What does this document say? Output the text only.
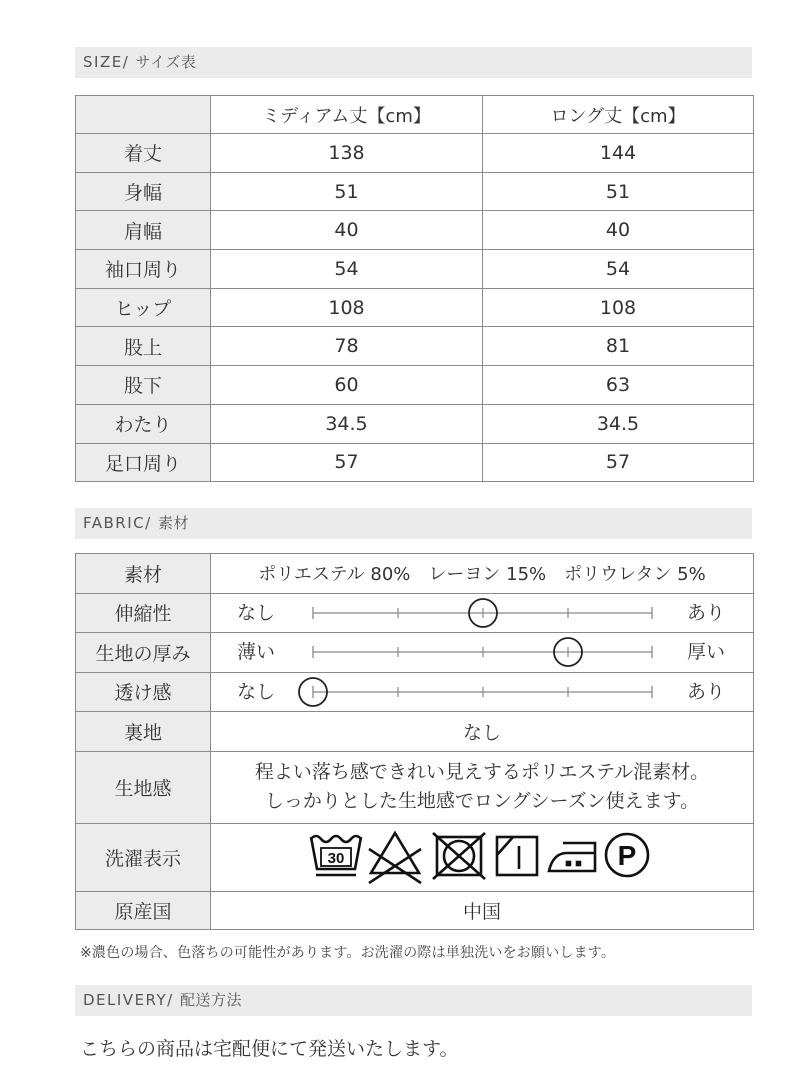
SIZE/ サイズ表
	ミディアム丈【cm】	ロング丈【cm】
着丈	138	144
身幅	51	51
肩幅	40	40
袖口周り	54	54
ヒップ	108	108
股上	78	81
股下	60	63
わたり	34.5	34.5
足口周り	57	57
FABRIC/ 素材
素材	ポリエステル 80%　レーヨン 15%　ポリウレタン 5%
伸縮性	なし あり

生地の厚み	薄い 厚い

透け感	なし あり

裏地	なし
生地感	程よい落ち感できれい見えするポリエステル混素材。
しっかりとした生地感でロングシーズン使えます。

洗濯表示	30 P

原産国	中国
※濃色の場合、色落ちの可能性があります。お洗濯の際は単独洗いをお願いします。
DELIVERY/ 配送方法
こちらの商品は宅配便にて発送いたします。
